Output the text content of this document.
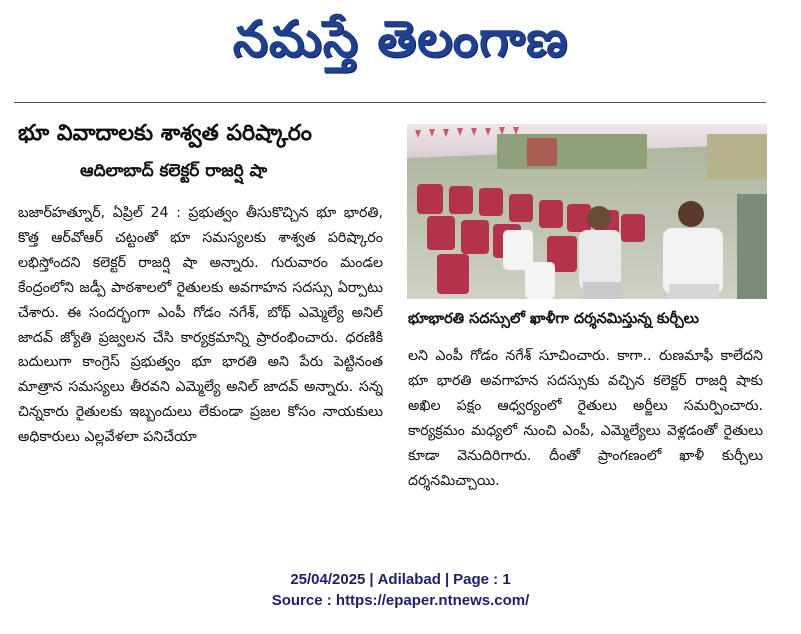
నమస్తే తెలంగాణ
భూ వివాదాలకు శాశ్వత పరిష్కారం
ఆదిలాబాద్ కలెక్టర్ రాజర్షి షా
బజార్‌హత్నూర్, ఏప్రిల్ 24 : ప్రభుత్వం తీసుకొచ్చిన భూ భారతి, కొత్త ఆర్‌వోఆర్ చట్టంతో భూ సమస్యలకు శాశ్వత పరిష్కారం లభిస్తోందని కలెక్టర్ రాజర్షి షా అన్నారు. గురువారం మండల కేంద్రంలోని జడ్పీ పాఠశాలలో రైతులకు అవగాహన సదస్సు ఏర్పాటు చేశారు. ఈ సందర్భంగా ఎంపీ గోడం నగేశ్, బోథ్ ఎమ్మెల్యే అనిల్ జాదవ్ జ్యోతి ప్రజ్వలన చేసి కార్యక్రమాన్ని ప్రారంభించారు. ధరణికి బదులుగా కాంగ్రెస్ ప్రభుత్వం భూ భారతి అని పేరు పెట్టినంత మాత్రాన సమస్యలు తీరవని ఎమ్మెల్యే అనిల్ జాదవ్ అన్నారు. సన్న చిన్నకారు రైతులకు ఇబ్బందులు లేకుండా ప్రజల కోసం నాయకులు అధికారులు ఎల్లవేళలా పనిచేయా
భూభారతి సదస్సులో ఖాళీగా దర్శనమిస్తున్న కుర్చీలు
లని ఎంపీ గోడం నగేశ్ సూచించారు. కాగా.. రుణమాఫీ కాలేదని భూ భారతి అవగాహన సదస్సుకు వచ్చిన కలెక్టర్ రాజర్షి షాకు అఖిల పక్షం ఆధ్వర్యంలో రైతులు అర్జీలు సమర్పించారు. కార్యక్రమం మధ్యలో నుంచి ఎంపీ, ఎమ్మెల్యేలు వెళ్లడంతో రైతులు కూడా వెనుదిరిగారు. దీంతో ప్రాంగణంలో ఖాళీ కుర్చీలు దర్శనమిచ్చాయి.
25/04/2025 | Adilabad | Page : 1
Source : https://epaper.ntnews.com/
